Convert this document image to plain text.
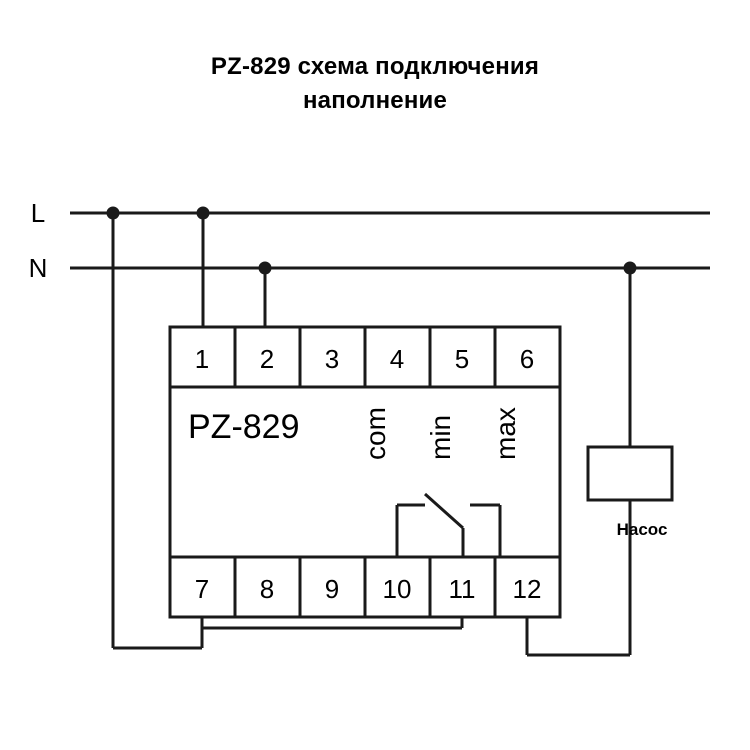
PZ-829 схема подключения
наполнение
L
N
1 2 3 4 5 6
7 8 9 10 11 12
PZ-829 com min max
Насос
